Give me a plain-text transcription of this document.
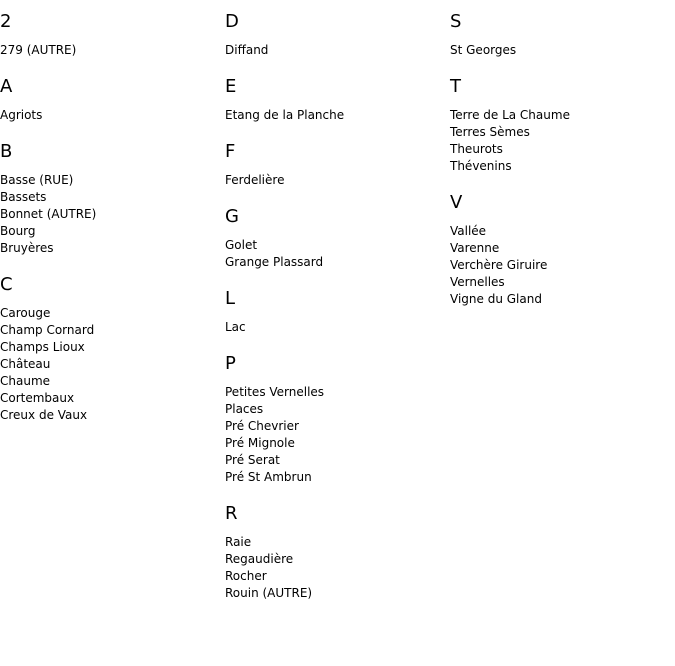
2
279 (AUTRE)
A
Agriots
B
Basse (RUE)
Bassets
Bonnet (AUTRE)
Bourg
Bruyères
C
Carouge
Champ Cornard
Champs Lioux
Château
Chaume
Cortembaux
Creux de Vaux
D
Diffand
E
Etang de la Planche
F
Ferdelière
G
Golet
Grange Plassard
L
Lac
P
Petites Vernelles
Places
Pré Chevrier
Pré Mignole
Pré Serat
Pré St Ambrun
R
Raie
Regaudière
Rocher
Rouin (AUTRE)
S
St Georges
T
Terre de La Chaume
Terres Sèmes
Theurots
Thévenins
V
Vallée
Varenne
Verchère Giruire
Vernelles
Vigne du Gland
